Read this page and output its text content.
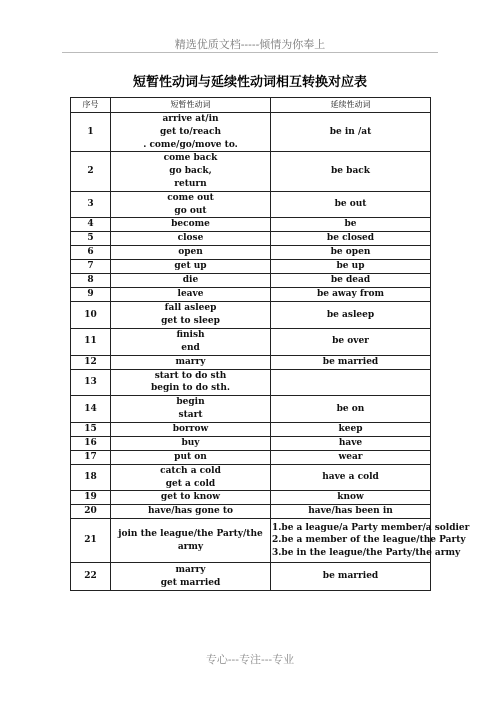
精选优质文档-----倾情为你奉上
短暂性动词与延续性动词相互转换对应表
序号	短暂性动词	延续性动词
1	arrive at/in
get to/reach
. come/go/move to.	be in /at

2	come back
go back,
return	be back

3	come out
go out	be out

4	become	be

5	close	be closed

6	open	be open

7	get up	be up

8	die	be dead

9	leave	be away from

10	fall asleep
get to sleep	be asleep

11	finish
end	be over

12	marry	be married

13	start to do sth
begin to do sth.	

14	begin
start	be on

15	borrow	keep

16	buy	have

17	put on	wear

18	catch a cold
get a cold	have a cold

19	get to know	know

20	have/has gone to	have/has been in

21	join the league/the Party/the
army	1.be a league/a Party member/a soldier
2.be a member of the league/the Party
3.be in the league/the Party/the army

22	marry
get married	be married
专心---专注---专业
